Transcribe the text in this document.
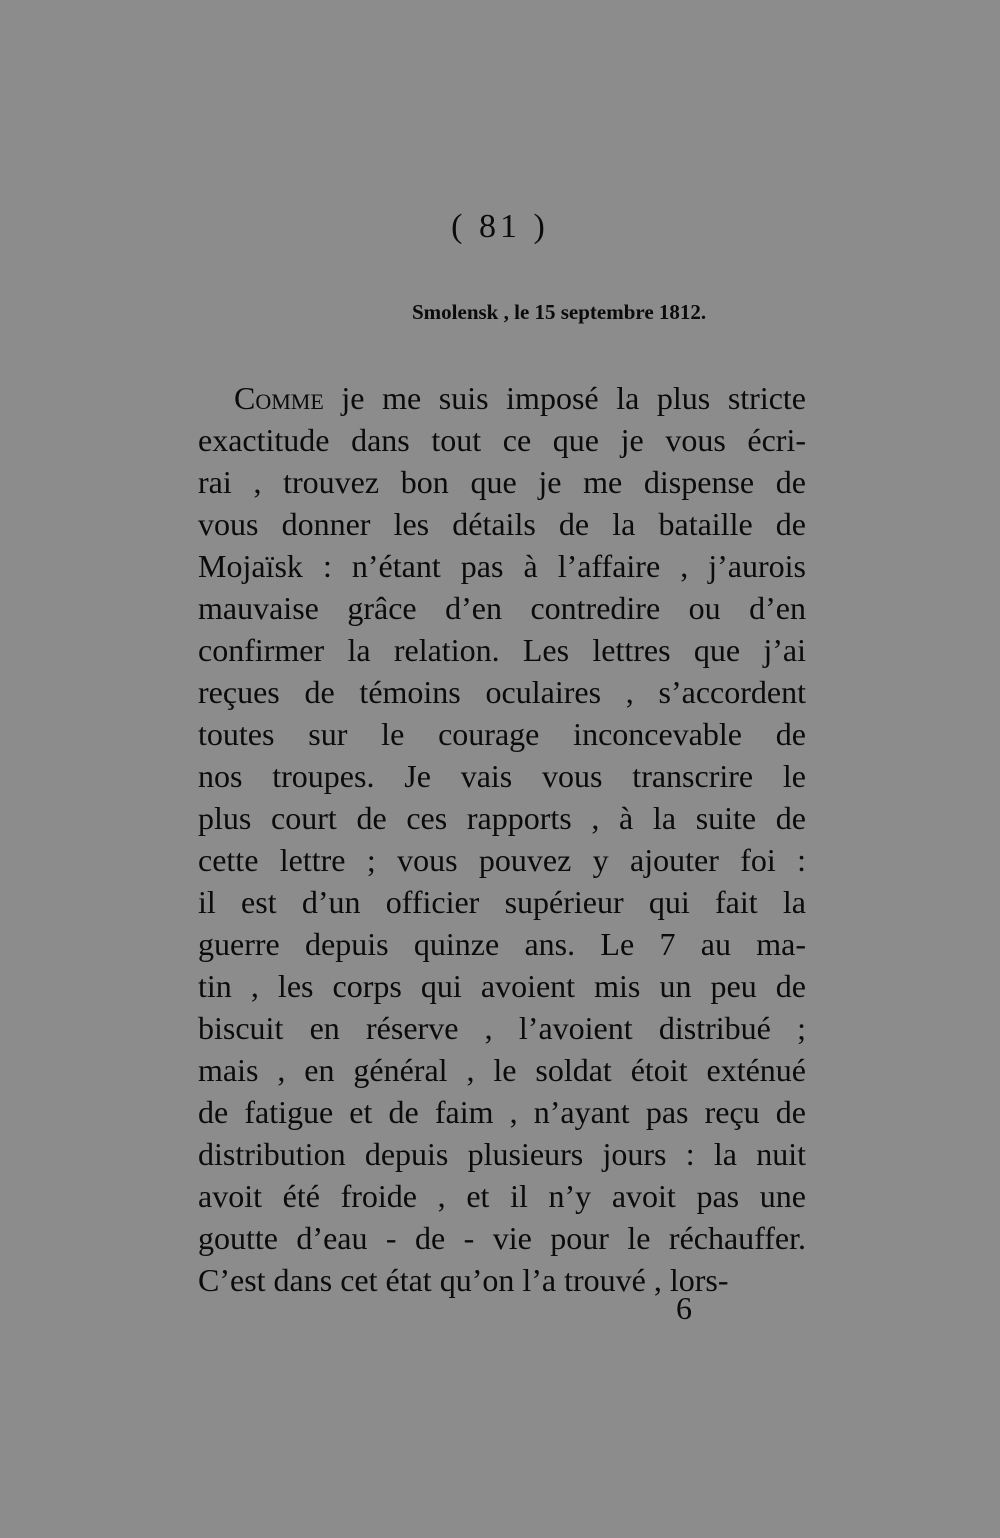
( 81 )
Smolensk , le 15 septembre 1812.
Comme je me suis imposé la plus stricte
exactitude dans tout ce que je vous écri-
rai , trouvez bon que je me dispense de
vous donner les détails de la bataille de
Mojaïsk : n’étant pas à l’affaire , j’aurois
mauvaise grâce d’en contredire ou d’en
confirmer la relation. Les lettres que j’ai
reçues de témoins oculaires , s’accordent
toutes sur le courage inconcevable de
nos troupes. Je vais vous transcrire le
plus court de ces rapports , à la suite de
cette lettre ; vous pouvez y ajouter foi :
il est d’un officier supérieur qui fait la
guerre depuis quinze ans. Le 7 au ma-
tin , les corps qui avoient mis un peu de
biscuit en réserve , l’avoient distribué ;
mais , en général , le soldat étoit exténué
de fatigue et de faim , n’ayant pas reçu de
distribution depuis plusieurs jours : la nuit
avoit été froide , et il n’y avoit pas une
goutte d’eau - de - vie pour le réchauffer.
C’est dans cet état qu’on l’a trouvé , lors-
6
